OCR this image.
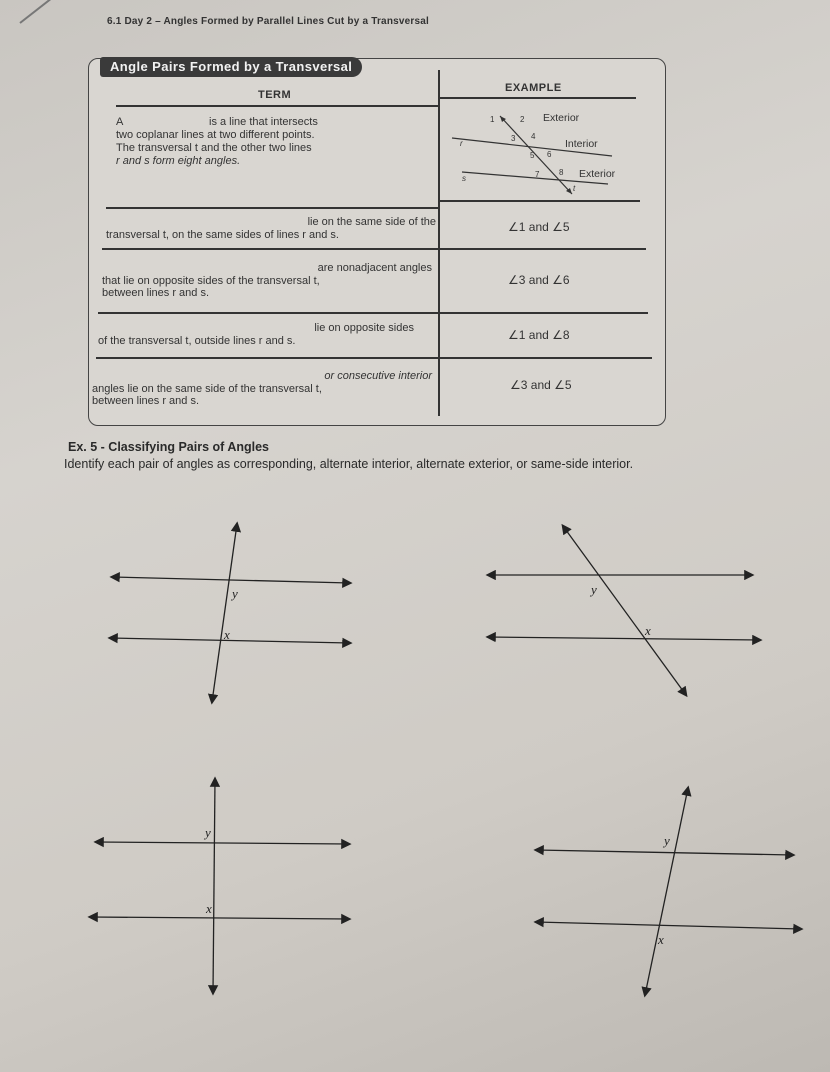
6.1 Day 2 – Angles Formed by Parallel Lines Cut by a Transversal
Angle Pairs Formed by a Transversal
TERM
EXAMPLE
A	is a line that intersects
two coplanar lines at two different points.
The transversal t and the other two lines
r and s form eight angles.
1	2
3 4
5 6
7 8
r
s
t
Exterior
Interior
Exterior
lie on the same side of the
transversal t, on the same sides of lines r and s.
∠1 and ∠5
are nonadjacent angles
that lie on opposite sides of the transversal t,
between lines r and s.
∠3 and ∠6
lie on opposite sides
of the transversal t, outside lines r and s.	∠1 and ∠8
or consecutive interior
angles lie on the same side of the transversal t,
between lines r and s.
∠3 and ∠5
Ex. 5 - Classifying Pairs of Angles
Identify each pair of angles as corresponding, alternate interior, alternate exterior, or same-side interior.
y
x
y
x
y
x
y
x
